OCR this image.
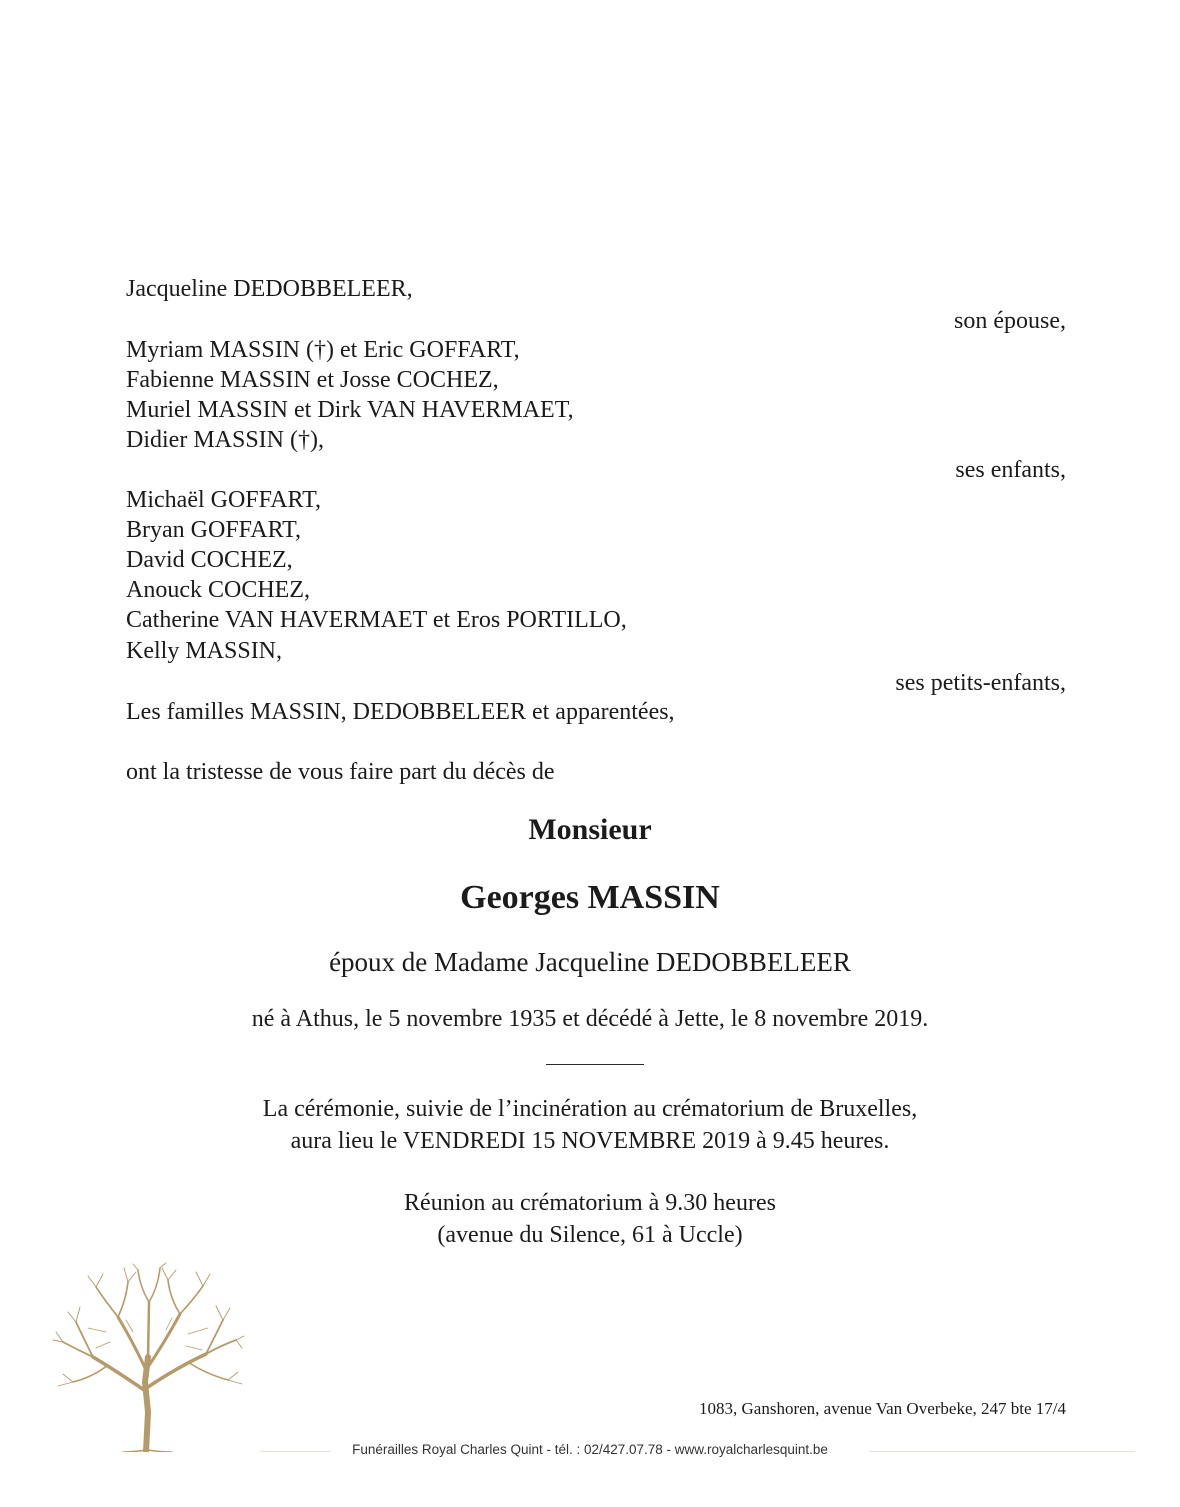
Jacqueline DEDOBBELEER,
son épouse,
Myriam MASSIN (†) et Eric GOFFART,
Fabienne MASSIN et Josse COCHEZ,
Muriel MASSIN et Dirk VAN HAVERMAET,
Didier MASSIN (†),
ses enfants,
Michaël GOFFART,
Bryan GOFFART,
David COCHEZ,
Anouck COCHEZ,
Catherine VAN HAVERMAET et Eros PORTILLO,
Kelly MASSIN,
ses petits-enfants,
Les familles MASSIN, DEDOBBELEER et apparentées,
ont la tristesse de vous faire part du décès de
Monsieur
Georges MASSIN
époux de Madame Jacqueline DEDOBBELEER
né à Athus, le 5 novembre 1935 et décédé à Jette, le 8 novembre 2019.
La cérémonie, suivie de l’incinération au crématorium de Bruxelles,
aura lieu le VENDREDI 15 NOVEMBRE 2019 à 9.45 heures.
Réunion au crématorium à 9.30 heures
(avenue du Silence, 61 à Uccle)
1083, Ganshoren, avenue Van Overbeke, 247 bte 17/4
Funérailles Royal Charles Quint - tél. : 02/427.07.78 - www.royalcharlesquint.be
